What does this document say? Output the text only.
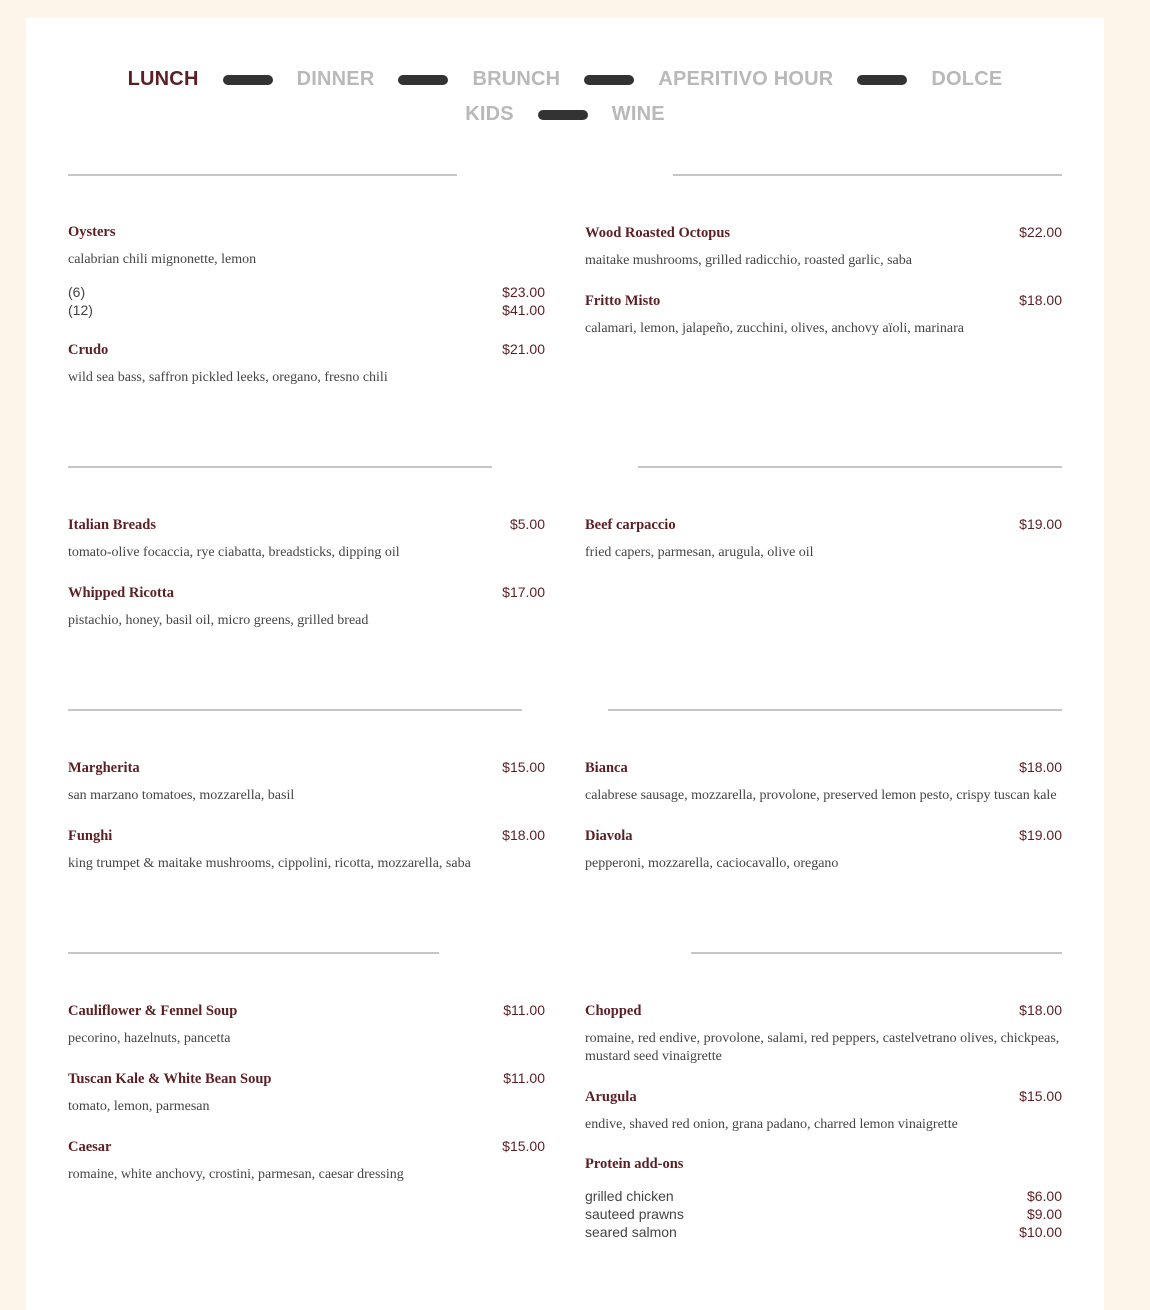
LUNCH	DINNER	BRUNCH	APERITIVO HOUR	DOLCE
KIDS	WINE
Oysters
calabrian chili mignonette, lemon
(6)	$23.00
(12)	$41.00
Crudo	$21.00
wild sea bass, saffron pickled leeks, oregano, fresno chili
Wood Roasted Octopus	$22.00
maitake mushrooms, grilled radicchio, roasted garlic, saba
Fritto Misto	$18.00
calamari, lemon, jalapeño, zucchini, olives, anchovy aïoli, marinara
Italian Breads	$5.00
tomato-olive focaccia, rye ciabatta, breadsticks, dipping oil
Whipped Ricotta	$17.00
pistachio, honey, basil oil, micro greens, grilled bread
Beef carpaccio	$19.00
fried capers, parmesan, arugula, olive oil
Margherita	$15.00
san marzano tomatoes, mozzarella, basil
Funghi	$18.00
king trumpet & maitake mushrooms, cippolini, ricotta, mozzarella, saba
Bianca	$18.00
calabrese sausage, mozzarella, provolone, preserved lemon pesto, crispy tuscan kale
Diavola	$19.00
pepperoni, mozzarella, caciocavallo, oregano
Cauliflower & Fennel Soup	$11.00
pecorino, hazelnuts, pancetta
Tuscan Kale & White Bean Soup	$11.00
tomato, lemon, parmesan
Caesar	$15.00
romaine, white anchovy, crostini, parmesan, caesar dressing
Chopped	$18.00
romaine, red endive, provolone, salami, red peppers, castelvetrano olives, chickpeas, mustard seed vinaigrette
Arugula	$15.00
endive, shaved red onion, grana padano, charred lemon vinaigrette
Protein add-ons
grilled chicken	$6.00
sauteed prawns	$9.00
seared salmon	$10.00
